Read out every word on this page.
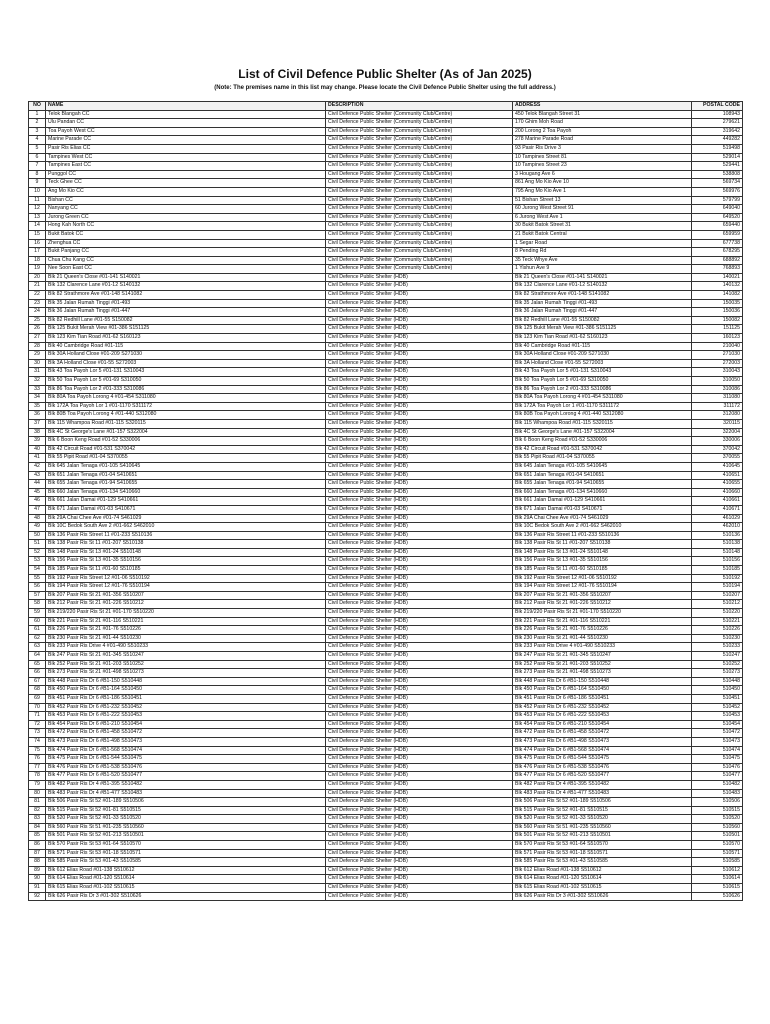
List of Civil Defence Public Shelter (As of Jan 2025)
(Note: The premises name in this list may change. Please locate the Civil Defence Public Shelter using the full address.)
NO	NAME	DESCRIPTION	ADDRESS	POSTAL CODE
1	Telok Blangah CC	Civil Defence Public Shelter (Community Club/Centre)	450 Telok Blangah Street 31	108943
2	Ulu Pandan CC	Civil Defence Public Shelter (Community Club/Centre)	170 Ghim Moh Road	279621
3	Toa Payoh West CC	Civil Defence Public Shelter (Community Club/Centre)	200 Lorong 2 Toa Payoh	319642
4	Marine Parade CC	Civil Defence Public Shelter (Community Club/Centre)	278 Marine Parade Road	449282
5	Pasir Ris Elias CC	Civil Defence Public Shelter (Community Club/Centre)	93 Pasir Ris Drive 3	519498
6	Tampines West CC	Civil Defence Public Shelter (Community Club/Centre)	10 Tampines Street 81	529014
7	Tampines East CC	Civil Defence Public Shelter (Community Club/Centre)	10 Tampines Street 23	529441
8	Punggol CC	Civil Defence Public Shelter (Community Club/Centre)	3 Hougang Ave 6	538808
9	Teck Ghee CC	Civil Defence Public Shelter (Community Club/Centre)	861 Ang Mo Kio Ave 10	569734
10	Ang Mo Kio CC	Civil Defence Public Shelter (Community Club/Centre)	795 Ang Mo Kio Ave 1	569976
11	Bishan CC	Civil Defence Public Shelter (Community Club/Centre)	51 Bishan Street 13	579799
12	Nanyang CC	Civil Defence Public Shelter (Community Club/Centre)	60 Jurong West Street 91	649040
13	Jurong Green CC	Civil Defence Public Shelter (Community Club/Centre)	6 Jurong West Ave 1	649520
14	Hong Kah North CC	Civil Defence Public Shelter (Community Club/Centre)	30 Bukit Batok Street 31	659440
15	Bukit Batok CC	Civil Defence Public Shelter (Community Club/Centre)	21 Bukit Batok Central	659959
16	Zhenghua CC	Civil Defence Public Shelter (Community Club/Centre)	1 Segar Road	677738
17	Bukit Panjang CC	Civil Defence Public Shelter (Community Club/Centre)	8 Pending Rd	678295
18	Chua Chu Kang CC	Civil Defence Public Shelter (Community Club/Centre)	35 Teck Whye Ave	688892
19	Nee Soon East CC	Civil Defence Public Shelter (Community Club/Centre)	1 Yishun Ave 9	768893
20	Blk 21 Queen's Close #01-141 S140021	Civil Defence Public Shelter (HDB)	Blk 21 Queen's Close #01-141 S140021	140021
21	Blk 132 Clarence Lane #01-12 S140132	Civil Defence Public Shelter (HDB)	Blk 132 Clarence Lane #01-12 S140132	140132
22	Blk 82 Strathmore Ave #01-148 S141082	Civil Defence Public Shelter (HDB)	Blk 82 Strathmore Ave #01-148 S141082	141082
23	Blk 35 Jalan Rumah Tinggi #01-493	Civil Defence Public Shelter (HDB)	Blk 35 Jalan Rumah Tinggi #01-493	150035
24	Blk 36 Jalan Rumah Tinggi #01-447	Civil Defence Public Shelter (HDB)	Blk 36 Jalan Rumah Tinggi #01-447	150036
25	Blk 82 Redhill Lane #01-55 S150082	Civil Defence Public Shelter (HDB)	Blk 82 Redhill Lane #01-55 S150082	150082
26	Blk 125 Bukit Merah View #01-386 S151125	Civil Defence Public Shelter (HDB)	Blk 125 Bukit Merah View #01-386 S151125	151125
27	Blk 123 Kim Tian Road #01-62 S160123	Civil Defence Public Shelter (HDB)	Blk 123 Kim Tian Road #01-62 S160123	160123
28	Blk 40 Cambridge Road #01-115	Civil Defence Public Shelter (HDB)	Blk 40 Cambridge Road #01-115	210040
29	Blk 30A Holland Close #01-209 S271030	Civil Defence Public Shelter (HDB)	Blk 30A Holland Close #01-209 S271030	271030
30	Blk 3A Holland Close #01-55 S272003	Civil Defence Public Shelter (HDB)	Blk 3A Holland Close #01-55 S272003	272003
31	Blk 43 Toa Payoh Lor 5 #01-131 S310043	Civil Defence Public Shelter (HDB)	Blk 43 Toa Payoh Lor 5 #01-131 S310043	310043
32	Blk 50 Toa Payoh Lor 5 #01-69 S310050	Civil Defence Public Shelter (HDB)	Blk 50 Toa Payoh Lor 5 #01-69 S310050	310050
33	Blk 86 Toa Payoh Lor 2 #01-333 S310086	Civil Defence Public Shelter (HDB)	Blk 86 Toa Payoh Lor 2 #01-333 S310086	310086
34	Blk 80A Toa Payoh Lorong 4 #01-454 S311080	Civil Defence Public Shelter (HDB)	Blk 80A Toa Payoh Lorong 4 #01-454 S311080	311080
35	Blk 172A Toa Payoh Lor 1 #01-1170 S311172	Civil Defence Public Shelter (HDB)	Blk 172A Toa Payoh Lor 1 #01-1170 S311172	311172
36	Blk 80B Toa Payoh Lorong 4 #01-440 S312080	Civil Defence Public Shelter (HDB)	Blk 80B Toa Payoh Lorong 4 #01-440 S312080	312080
37	Blk 115 Whampoa Road #01-115 S320115	Civil Defence Public Shelter (HDB)	Blk 115 Whampoa Road #01-115 S320115	320115
38	Blk 4C St George's Lane #01-157 S322004	Civil Defence Public Shelter (HDB)	Blk 4C St George's Lane #01-157 S322004	322004
39	Blk 6 Boon Keng Road #01-52 S330006	Civil Defence Public Shelter (HDB)	Blk 6 Boon Keng Road #01-52 S330006	330006
40	Blk 42 Circuit Road #01-531 S370042	Civil Defence Public Shelter (HDB)	Blk 42 Circuit Road #01-531 S370042	370042
41	Blk 55 Pipit Road #01-04 S370055	Civil Defence Public Shelter (HDB)	Blk 55 Pipit Road #01-04 S370055	370055
42	Blk 645 Jalan Tenaga #01-105 S410645	Civil Defence Public Shelter (HDB)	Blk 645 Jalan Tenaga #01-105 S410645	410645
43	Blk 651 Jalan Tenaga #01-04 S410651	Civil Defence Public Shelter (HDB)	Blk 651 Jalan Tenaga #01-04 S410651	410651
44	Blk 655 Jalan Tenaga #01-94 S410655	Civil Defence Public Shelter (HDB)	Blk 655 Jalan Tenaga #01-94 S410655	410655
45	Blk 660 Jalan Tenaga #01-134 S410660	Civil Defence Public Shelter (HDB)	Blk 660 Jalan Tenaga #01-134 S410660	410660
46	Blk 661 Jalan Damai #01-129 S410661	Civil Defence Public Shelter (HDB)	Blk 661 Jalan Damai #01-129 S410661	410661
47	Blk 671 Jalan Damai #01-03 S410671	Civil Defence Public Shelter (HDB)	Blk 671 Jalan Damai #01-03 S410671	410671
48	Blk 29A Chai Chee Ave #01-74 S461029	Civil Defence Public Shelter (HDB)	Blk 29A Chai Chee Ave #01-74 S461029	461029
49	Blk 10C Bedok South Ave 2 #01-662 S462010	Civil Defence Public Shelter (HDB)	Blk 10C Bedok South Ave 2 #01-662 S462010	462010
50	Blk 136 Pasir Ris Street 11 #01-233 S510136	Civil Defence Public Shelter (HDB)	Blk 136 Pasir Ris Street 11 #01-233 S510136	510136
51	Blk 138 Pasir Ris St 11 #01-207 S510138	Civil Defence Public Shelter (HDB)	Blk 138 Pasir Ris St 11 #01-207 S510138	510138
52	Blk 148 Pasir Ris St 13 #01-24 S510148	Civil Defence Public Shelter (HDB)	Blk 148 Pasir Ris St 13 #01-24 S510148	510148
53	Blk 156 Pasir Ris St 13 #01-35 S510156	Civil Defence Public Shelter (HDB)	Blk 156 Pasir Ris St 13 #01-35 S510156	510156
54	Blk 185 Pasir Ris St 11 #01-60 S510185	Civil Defence Public Shelter (HDB)	Blk 185 Pasir Ris St 11 #01-60 S510185	510185
55	Blk 192 Pasir Ris Street 12 #01-06 S510192	Civil Defence Public Shelter (HDB)	Blk 192 Pasir Ris Street 12 #01-06 S510192	510192
56	Blk 194 Pasir Ris Street 12 #01-76 S510194	Civil Defence Public Shelter (HDB)	Blk 194 Pasir Ris Street 12 #01-76 S510194	510194
57	Blk 207 Pasir Ris St 21 #01-356 S510207	Civil Defence Public Shelter (HDB)	Blk 207 Pasir Ris St 21 #01-356 S510207	510207
58	Blk 212 Pasir Ris St 21 #01-226 S510212	Civil Defence Public Shelter (HDB)	Blk 212 Pasir Ris St 21 #01-226 S510212	510212
59	Blk 219/220 Pasir Ris St 21 #01-170 S510220	Civil Defence Public Shelter (HDB)	Blk 219/220 Pasir Ris St 21 #01-170 S510220	510220
60	Blk 221 Pasir Ris St 21 #01-116 S510221	Civil Defence Public Shelter (HDB)	Blk 221 Pasir Ris St 21 #01-116 S510221	510221
61	Blk 226 Pasir Ris St 21 #01-76 S510226	Civil Defence Public Shelter (HDB)	Blk 226 Pasir Ris St 21 #01-76 S510226	510226
62	Blk 230 Pasir Ris St 21 #01-44 S510230	Civil Defence Public Shelter (HDB)	Blk 230 Pasir Ris St 21 #01-44 S510230	510230
63	Blk 233 Pasir Ris Drive 4 #01-490 S510233	Civil Defence Public Shelter (HDB)	Blk 233 Pasir Ris Drive 4 #01-490 S510233	510233
64	Blk 247 Pasir Ris St 21 #01-345 S510247	Civil Defence Public Shelter (HDB)	Blk 247 Pasir Ris St 21 #01-345 S510247	510247
65	Blk 252 Pasir Ris St 21 #01-203 S510252	Civil Defence Public Shelter (HDB)	Blk 252 Pasir Ris St 21 #01-203 S510252	510252
66	Blk 273 Pasir Ris St 21 #01-498 S510273	Civil Defence Public Shelter (HDB)	Blk 273 Pasir Ris St 21 #01-498 S510273	510273
67	Blk 448 Pasir Ris Dr 6 #B1-150 S510448	Civil Defence Public Shelter (HDB)	Blk 448 Pasir Ris Dr 6 #B1-150 S510448	510448
68	Blk 450 Pasir Ris Dr 6 #B1-164 S510450	Civil Defence Public Shelter (HDB)	Blk 450 Pasir Ris Dr 6 #B1-164 S510450	510450
69	Blk 451 Pasir Ris Dr 6 #B1-186 S510451	Civil Defence Public Shelter (HDB)	Blk 451 Pasir Ris Dr 6 #B1-186 S510451	510451
70	Blk 452 Pasir Ris Dr 6 #B1-232 S510452	Civil Defence Public Shelter (HDB)	Blk 452 Pasir Ris Dr 6 #B1-232 S510452	510452
71	Blk 453 Pasir Ris Dr 6 #B1-222 S510453	Civil Defence Public Shelter (HDB)	Blk 453 Pasir Ris Dr 6 #B1-222 S510453	510453
72	Blk 454 Pasir Ris Dr 6 #B1-210 S510454	Civil Defence Public Shelter (HDB)	Blk 454 Pasir Ris Dr 6 #B1-210 S510454	510454
73	Blk 472 Pasir Ris Dr 6 #B1-458 S510472	Civil Defence Public Shelter (HDB)	Blk 472 Pasir Ris Dr 6 #B1-458 S510472	510472
74	Blk 473 Pasir Ris Dr 6 #B1-498 S510473	Civil Defence Public Shelter (HDB)	Blk 473 Pasir Ris Dr 6 #B1-498 S510473	510473
75	Blk 474 Pasir Ris Dr 6 #B1-568 S510474	Civil Defence Public Shelter (HDB)	Blk 474 Pasir Ris Dr 6 #B1-568 S510474	510474
76	Blk 475 Pasir Ris Dr 6 #B1-544 S510475	Civil Defence Public Shelter (HDB)	Blk 475 Pasir Ris Dr 6 #B1-544 S510475	510475
77	Blk 476 Pasir Ris Dr 6 #B1-538 S510476	Civil Defence Public Shelter (HDB)	Blk 476 Pasir Ris Dr 6 #B1-538 S510476	510476
78	Blk 477 Pasir Ris Dr 6 #B1-520 S510477	Civil Defence Public Shelter (HDB)	Blk 477 Pasir Ris Dr 6 #B1-520 S510477	510477
79	Blk 482 Pasir Ris Dr 4 #B1-395 S510482	Civil Defence Public Shelter (HDB)	Blk 482 Pasir Ris Dr 4 #B1-395 S510482	510482
80	Blk 483 Pasir Ris Dr 4 #B1-477 S510483	Civil Defence Public Shelter (HDB)	Blk 483 Pasir Ris Dr 4 #B1-477 S510483	510483
81	Blk 506 Pasir Ris St 52 #01-189 S510506	Civil Defence Public Shelter (HDB)	Blk 506 Pasir Ris St 52 #01-189 S510506	510506
82	Blk 515 Pasir Ris St 52 #01-81 S510515	Civil Defence Public Shelter (HDB)	Blk 515 Pasir Ris St 52 #01-81 S510515	510515
83	Blk 520 Pasir Ris St 52 #01-33 S510520	Civil Defence Public Shelter (HDB)	Blk 520 Pasir Ris St 52 #01-33 S510520	510520
84	Blk 560 Pasir Ris St 51 #01-235 S510560	Civil Defence Public Shelter (HDB)	Blk 560 Pasir Ris St 51 #01-235 S510560	510560
85	Blk 501 Pasir Ris St 52 #01-213 S510501	Civil Defence Public Shelter (HDB)	Blk 501 Pasir Ris St 52 #01-213 S510501	510501
86	Blk 570 Pasir Ris St 53 #01-64 S510570	Civil Defence Public Shelter (HDB)	Blk 570 Pasir Ris St 53 #01-64 S510570	510570
87	Blk 571 Pasir Ris St 53 #01-18 S510571	Civil Defence Public Shelter (HDB)	Blk 571 Pasir Ris St 53 #01-18 S510571	510571
88	Blk 585 Pasir Ris St 53 #01-43 S510585	Civil Defence Public Shelter (HDB)	Blk 585 Pasir Ris St 53 #01-43 S510585	510585
89	Blk 612 Elias Road #01-138 S510612	Civil Defence Public Shelter (HDB)	Blk 612 Elias Road #01-138 S510612	510612
90	Blk 614 Elias Road #01-120 S510614	Civil Defence Public Shelter (HDB)	Blk 614 Elias Road #01-120 S510614	510614
91	Blk 615 Elias Road #01-102 S510615	Civil Defence Public Shelter (HDB)	Blk 615 Elias Road #01-102 S510615	510615
92	Blk 626 Pasir Ris Dr 3 #01-302 S510626	Civil Defence Public Shelter (HDB)	Blk 626 Pasir Ris Dr 3 #01-302 S510626	510626
